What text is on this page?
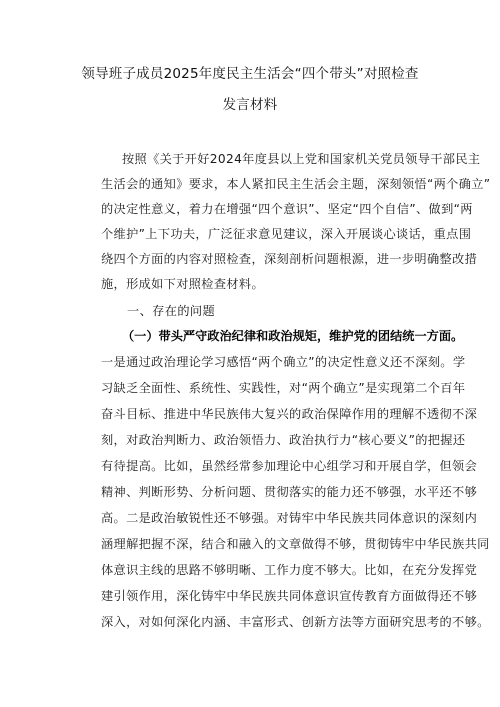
领导班子成员2025年度民主生活会“四个带头”对照检查
发言材料
按照《关于开好2024年度县以上党和国家机关党员领导干部民主
生活会的通知》要求，本人紧扣民主生活会主题，深刻领悟“两个确立”
的决定性意义，着力在增强“四个意识”、坚定“四个自信”、做到“两
个维护”上下功夫，广泛征求意见建议，深入开展谈心谈话，重点围
绕四个方面的内容对照检查，深刻剖析问题根源，进一步明确整改措
施，形成如下对照检查材料。
一、存在的问题
（一）带头严守政治纪律和政治规矩，维护党的团结统一方面。
一是通过政治理论学习感悟“两个确立”的决定性意义还不深刻。学
习缺乏全面性、系统性、实践性，对“两个确立”是实现第二个百年
奋斗目标、推进中华民族伟大复兴的政治保障作用的理解不透彻不深
刻，对政治判断力、政治领悟力、政治执行力“核心要义”的把握还
有待提高。比如，虽然经常参加理论中心组学习和开展自学，但领会
精神、判断形势、分析问题、贯彻落实的能力还不够强，水平还不够
高。二是政治敏锐性还不够强。对铸牢中华民族共同体意识的深刻内
涵理解把握不深，结合和融入的文章做得不够，贯彻铸牢中华民族共同
体意识主线的思路不够明晰、工作力度不够大。比如，在充分发挥党
建引领作用，深化铸牢中华民族共同体意识宣传教育方面做得还不够
深入，对如何深化内涵、丰富形式、创新方法等方面研究思考的不够。
